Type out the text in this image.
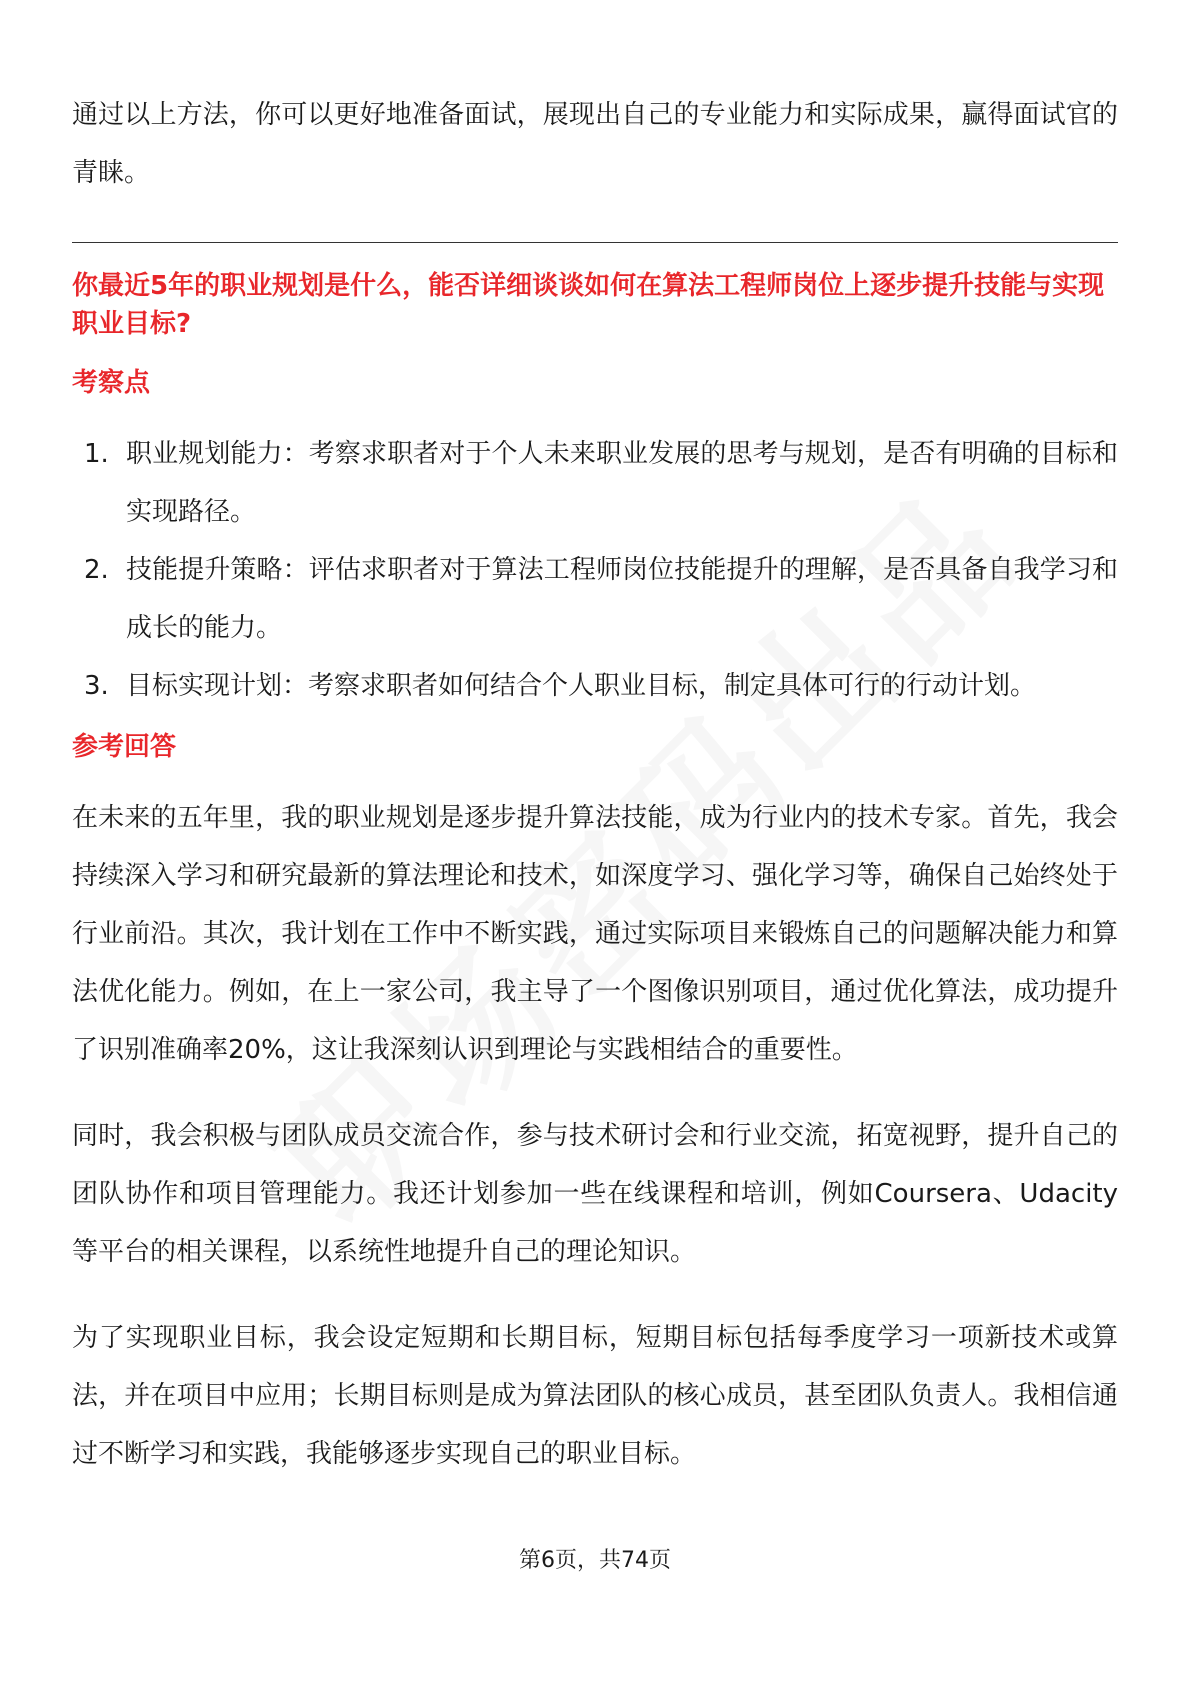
通过以上方法，你可以更好地准备面试，展现出自己的专业能力和实际成果，赢得面试官的青睐。

你最近5年的职业规划是什么，能否详细谈谈如何在算法工程师岗位上逐步提升技能与实现职业目标?
考察点
1. 职业规划能力：考察求职者对于个人未来职业发展的思考与规划，是否有明确的目标和实现路径。
2. 技能提升策略：评估求职者对于算法工程师岗位技能提升的理解，是否具备自我学习和成长的能力。
3. 目标实现计划：考察求职者如何结合个人职业目标，制定具体可行的行动计划。
参考回答

在未来的五年里，我的职业规划是逐步提升算法技能，成为行业内的技术专家。首先，我会持续深入学习和研究最新的算法理论和技术，如深度学习、强化学习等，确保自己始终处于行业前沿。其次，我计划在工作中不断实践，通过实际项目来锻炼自己的问题解决能力和算法优化能力。例如，在上一家公司，我主导了一个图像识别项目，通过优化算法，成功提升了识别准确率20%，这让我深刻认识到理论与实践相结合的重要性。

同时，我会积极与团队成员交流合作，参与技术研讨会和行业交流，拓宽视野，提升自己的团队协作和项目管理能力。我还计划参加一些在线课程和培训，例如Coursera、Udacity等平台的相关课程，以系统性地提升自己的理论知识。

为了实现职业目标，我会设定短期和长期目标，短期目标包括每季度学习一项新技术或算法，并在项目中应用；长期目标则是成为算法团队的核心成员，甚至团队负责人。我相信通过不断学习和实践，我能够逐步实现自己的职业目标。

第6页，共74页
